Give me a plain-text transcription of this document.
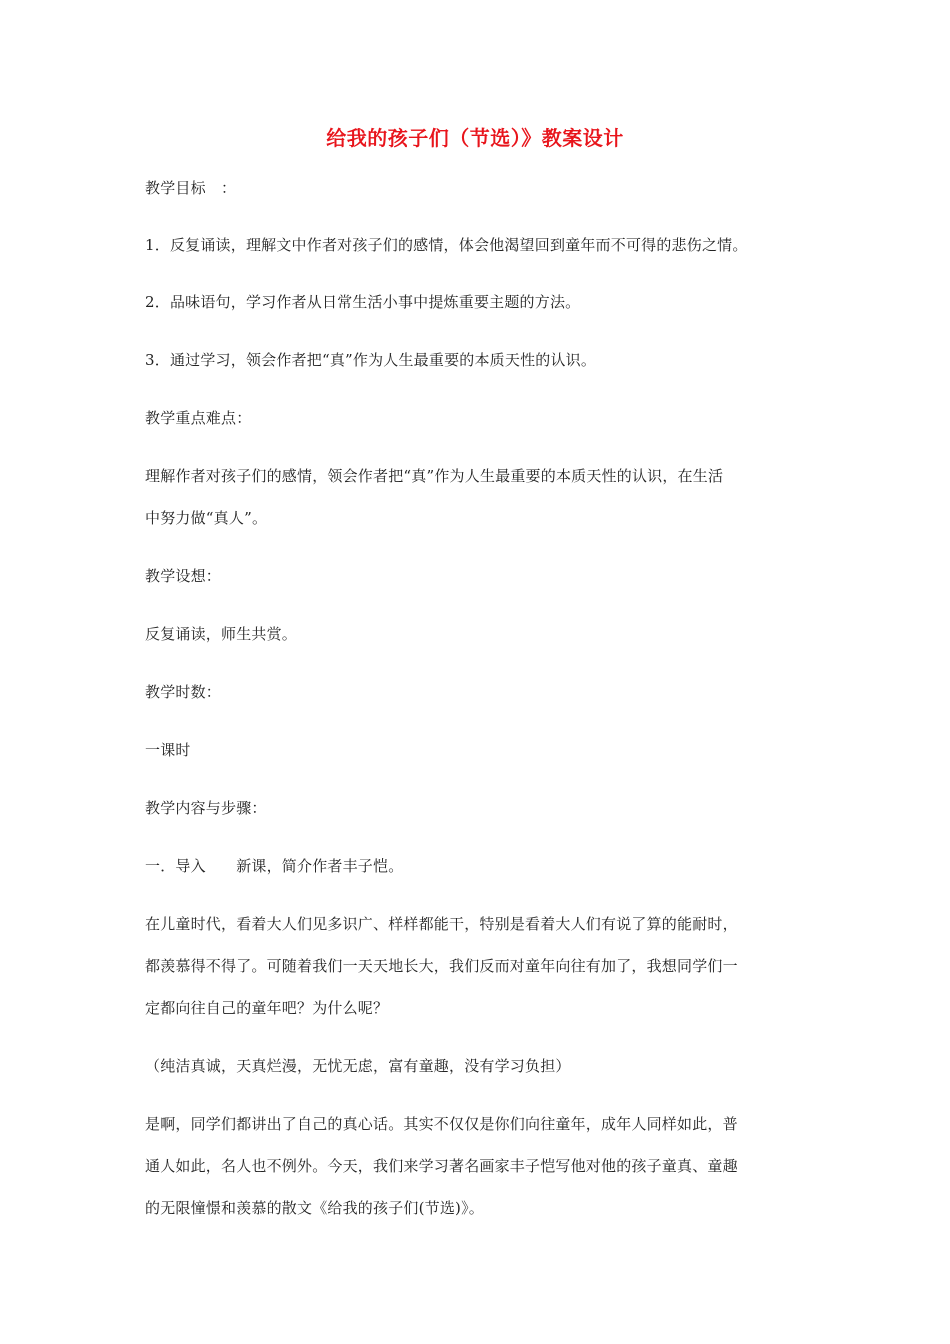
给我的孩子们（节选）》教案设计
教学目标　：
1．反复诵读，理解文中作者对孩子们的感情，体会他渴望回到童年而不可得的悲伤之情。
2．品味语句，学习作者从日常生活小事中提炼重要主题的方法。
3．通过学习，领会作者把“真”作为人生最重要的本质天性的认识。
教学重点难点：
理解作者对孩子们的感情，领会作者把“真”作为人生最重要的本质天性的认识，在生活
中努力做“真人”。
教学设想：
反复诵读，师生共赏。
教学时数：
一课时
教学内容与步骤：
一．导入　　新课，简介作者丰子恺。
在儿童时代，看着大人们见多识广、样样都能干，特别是看着大人们有说了算的能耐时，
都羡慕得不得了。可随着我们一天天地长大，我们反而对童年向往有加了，我想同学们一
定都向往自己的童年吧？为什么呢？
（纯洁真诚，天真烂漫，无忧无虑，富有童趣，没有学习负担）
是啊，同学们都讲出了自己的真心话。其实不仅仅是你们向往童年，成年人同样如此，普
通人如此，名人也不例外。今天，我们来学习著名画家丰子恺写他对他的孩子童真、童趣
的无限憧憬和羡慕的散文《给我的孩子们(节选)》。
